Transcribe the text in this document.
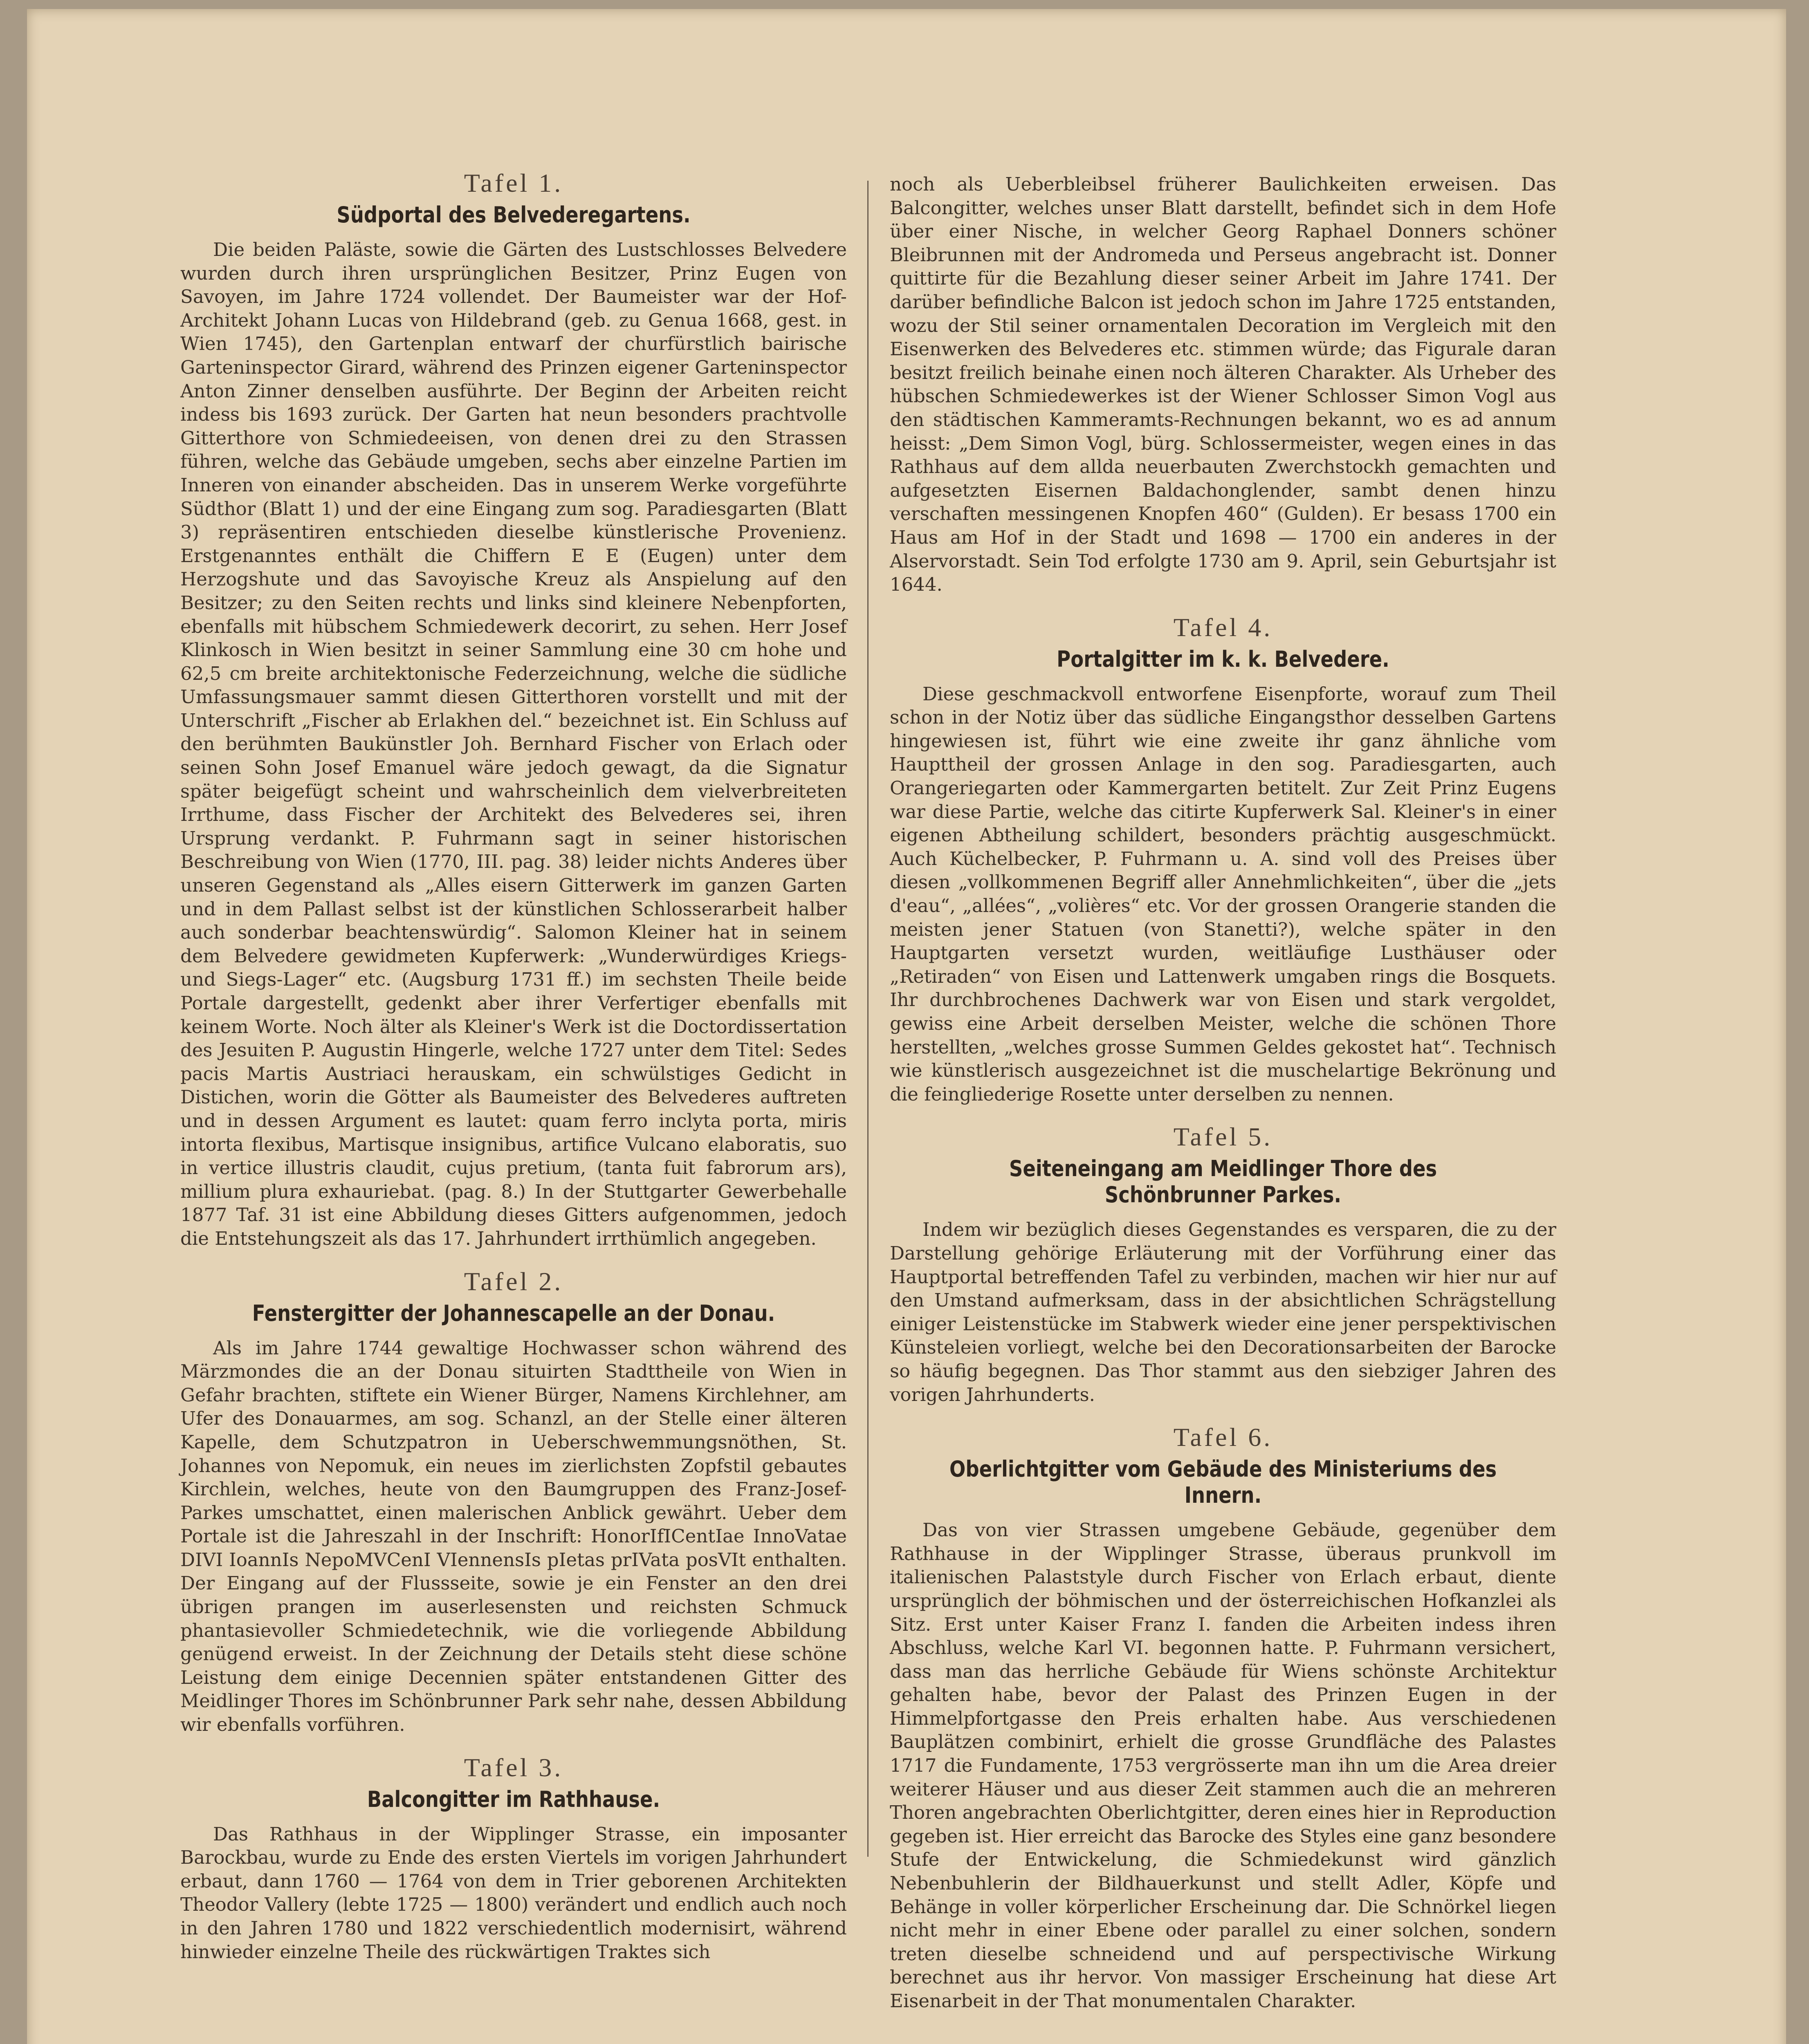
Tafel 1.
Südportal des Belvederegartens.

Die beiden Paläste, sowie die Gärten des Lustschlosses Belvedere wurden durch ihren ursprünglichen Besitzer, Prinz Eugen von Savoyen, im Jahre 1724 vollendet. Der Baumeister war der Hof-Architekt Johann Lucas von Hildebrand (geb. zu Genua 1668, gest. in Wien 1745), den Gartenplan entwarf der churfürstlich bairische Garteninspector Girard, während des Prinzen eigener Garteninspector Anton Zinner denselben ausführte. Der Beginn der Arbeiten reicht indess bis 1693 zurück. Der Garten hat neun besonders prachtvolle Gitterthore von Schmiedeeisen, von denen drei zu den Strassen führen, welche das Gebäude umgeben, sechs aber einzelne Partien im Inneren von einander abscheiden. Das in unserem Werke vorgeführte Südthor (Blatt 1) und der eine Eingang zum sog. Paradiesgarten (Blatt 3) repräsentiren entschieden dieselbe künstlerische Provenienz. Erstgenanntes enthält die Chiffern E E (Eugen) unter dem Herzogshute und das Savoyische Kreuz als Anspielung auf den Besitzer; zu den Seiten rechts und links sind kleinere Nebenpforten, ebenfalls mit hübschem Schmiedewerk decorirt, zu sehen. Herr Josef Klinkosch in Wien besitzt in seiner Sammlung eine 30 cm hohe und 62,5 cm breite architektonische Federzeichnung, welche die südliche Umfassungsmauer sammt diesen Gitterthoren vorstellt und mit der Unterschrift „Fischer ab Erlakhen del.“ bezeichnet ist. Ein Schluss auf den berühmten Baukünstler Joh. Bernhard Fischer von Erlach oder seinen Sohn Josef Emanuel wäre jedoch gewagt, da die Signatur später beigefügt scheint und wahrscheinlich dem vielverbreiteten Irrthume, dass Fischer der Architekt des Belvederes sei, ihren Ursprung verdankt. P. Fuhrmann sagt in seiner historischen Beschreibung von Wien (1770, III. pag. 38) leider nichts Anderes über unseren Gegenstand als „Alles eisern Gitterwerk im ganzen Garten und in dem Pallast selbst ist der künstlichen Schlosserarbeit halber auch sonderbar beachtenswürdig“. Salomon Kleiner hat in seinem dem Belvedere gewidmeten Kupferwerk: „Wunderwürdiges Kriegs- und Siegs-Lager“ etc. (Augsburg 1731 ff.) im sechsten Theile beide Portale dargestellt, gedenkt aber ihrer Verfertiger ebenfalls mit keinem Worte. Noch älter als Kleiner's Werk ist die Doctordissertation des Jesuiten P. Augustin Hingerle, welche 1727 unter dem Titel: Sedes pacis Martis Austriaci herauskam, ein schwülstiges Gedicht in Distichen, worin die Götter als Baumeister des Belvederes auftreten und in dessen Argument es lautet: quam ferro inclyta porta, miris intorta flexibus, Martisque insignibus, artifice Vulcano elaboratis, suo in vertice illustris claudit, cujus pretium, (tanta fuit fabrorum ars), millium plura exhauriebat. (pag. 8.) In der Stuttgarter Gewerbehalle 1877 Taf. 31 ist eine Abbildung dieses Gitters aufgenommen, jedoch die Entstehungszeit als das 17. Jahrhundert irrthümlich angegeben.

Tafel 2.
Fenstergitter der Johannescapelle an der Donau.

Als im Jahre 1744 gewaltige Hochwasser schon während des Märzmondes die an der Donau situirten Stadttheile von Wien in Gefahr brachten, stiftete ein Wiener Bürger, Namens Kirchlehner, am Ufer des Donauarmes, am sog. Schanzl, an der Stelle einer älteren Kapelle, dem Schutzpatron in Ueberschwemmungsnöthen, St. Johannes von Nepomuk, ein neues im zierlichsten Zopfstil gebautes Kirchlein, welches, heute von den Baumgruppen des Franz-Josef-Parkes umschattet, einen malerischen Anblick gewährt. Ueber dem Portale ist die Jahreszahl in der Inschrift: HonorIfICentIae InnoVatae DIVI IoannIs NepoMVCenI VIennensIs pIetas prIVata posVIt enthalten. Der Eingang auf der Flussseite, sowie je ein Fenster an den drei übrigen prangen im auserlesensten und reichsten Schmuck phantasievoller Schmiedetechnik, wie die vorliegende Abbildung genügend erweist. In der Zeichnung der Details steht diese schöne Leistung dem einige Decennien später entstandenen Gitter des Meidlinger Thores im Schönbrunner Park sehr nahe, dessen Abbildung wir ebenfalls vorführen.

Tafel 3.
Balcongitter im Rathhause.

Das Rathhaus in der Wipplinger Strasse, ein imposanter Barockbau, wurde zu Ende des ersten Viertels im vorigen Jahrhundert erbaut, dann 1760 — 1764 von dem in Trier geborenen Architekten Theodor Vallery (lebte 1725 — 1800) verändert und endlich auch noch in den Jahren 1780 und 1822 verschiedentlich modernisirt, während hinwieder einzelne Theile des rückwärtigen Traktes sich

noch als Ueberbleibsel früherer Baulichkeiten erweisen. Das Balcongitter, welches unser Blatt darstellt, befindet sich in dem Hofe über einer Nische, in welcher Georg Raphael Donners schöner Bleibrunnen mit der Andromeda und Perseus angebracht ist. Donner quittirte für die Bezahlung dieser seiner Arbeit im Jahre 1741. Der darüber befindliche Balcon ist jedoch schon im Jahre 1725 entstanden, wozu der Stil seiner ornamentalen Decoration im Vergleich mit den Eisenwerken des Belvederes etc. stimmen würde; das Figurale daran besitzt freilich beinahe einen noch älteren Charakter. Als Urheber des hübschen Schmiedewerkes ist der Wiener Schlosser Simon Vogl aus den städtischen Kammeramts-Rechnungen bekannt, wo es ad annum heisst: „Dem Simon Vogl, bürg. Schlossermeister, wegen eines in das Rathhaus auf dem allda neuerbauten Zwerchstockh gemachten und aufgesetzten Eisernen Baldachonglender, sambt denen hinzu verschaften messingenen Knopfen 460“ (Gulden). Er besass 1700 ein Haus am Hof in der Stadt und 1698 — 1700 ein anderes in der Alservorstadt. Sein Tod erfolgte 1730 am 9. April, sein Geburtsjahr ist 1644.

Tafel 4.
Portalgitter im k. k. Belvedere.

Diese geschmackvoll entworfene Eisenpforte, worauf zum Theil schon in der Notiz über das südliche Eingangsthor desselben Gartens hingewiesen ist, führt wie eine zweite ihr ganz ähnliche vom Haupttheil der grossen Anlage in den sog. Paradiesgarten, auch Orangeriegarten oder Kammergarten betitelt. Zur Zeit Prinz Eugens war diese Partie, welche das citirte Kupferwerk Sal. Kleiner's in einer eigenen Abtheilung schildert, besonders prächtig ausgeschmückt. Auch Küchelbecker, P. Fuhrmann u. A. sind voll des Preises über diesen „vollkommenen Begriff aller Annehmlichkeiten“, über die „jets d'eau“, „allées“, „volières“ etc. Vor der grossen Orangerie standen die meisten jener Statuen (von Stanetti?), welche später in den Hauptgarten versetzt wurden, weitläufige Lusthäuser oder „Retiraden“ von Eisen und Lattenwerk umgaben rings die Bosquets. Ihr durchbrochenes Dachwerk war von Eisen und stark vergoldet, gewiss eine Arbeit derselben Meister, welche die schönen Thore herstellten, „welches grosse Summen Geldes gekostet hat“. Technisch wie künstlerisch ausgezeichnet ist die muschelartige Bekrönung und die feingliederige Rosette unter derselben zu nennen.

Tafel 5.
Seiteneingang am Meidlinger Thore des Schönbrunner Parkes.

Indem wir bezüglich dieses Gegenstandes es versparen, die zu der Darstellung gehörige Erläuterung mit der Vorführung einer das Hauptportal betreffenden Tafel zu verbinden, machen wir hier nur auf den Umstand aufmerksam, dass in der absichtlichen Schrägstellung einiger Leistenstücke im Stabwerk wieder eine jener perspektivischen Künsteleien vorliegt, welche bei den Decorationsarbeiten der Barocke so häufig begegnen. Das Thor stammt aus den siebziger Jahren des vorigen Jahrhunderts.

Tafel 6.
Oberlichtgitter vom Gebäude des Ministeriums des Innern.

Das von vier Strassen umgebene Gebäude, gegenüber dem Rathhause in der Wipplinger Strasse, überaus prunkvoll im italienischen Palaststyle durch Fischer von Erlach erbaut, diente ursprünglich der böhmischen und der österreichischen Hofkanzlei als Sitz. Erst unter Kaiser Franz I. fanden die Arbeiten indess ihren Abschluss, welche Karl VI. begonnen hatte. P. Fuhrmann versichert, dass man das herrliche Gebäude für Wiens schönste Architektur gehalten habe, bevor der Palast des Prinzen Eugen in der Himmelpfortgasse den Preis erhalten habe. Aus verschiedenen Bauplätzen combinirt, erhielt die grosse Grundfläche des Palastes 1717 die Fundamente, 1753 vergrösserte man ihn um die Area dreier weiterer Häuser und aus dieser Zeit stammen auch die an mehreren Thoren angebrachten Oberlichtgitter, deren eines hier in Reproduction gegeben ist. Hier erreicht das Barocke des Styles eine ganz besondere Stufe der Entwickelung, die Schmiedekunst wird gänzlich Nebenbuhlerin der Bildhauerkunst und stellt Adler, Köpfe und Behänge in voller körperlicher Erscheinung dar. Die Schnörkel liegen nicht mehr in einer Ebene oder parallel zu einer solchen, sondern treten dieselbe schneidend und auf perspectivische Wirkung berechnet aus ihr hervor. Von massiger Erscheinung hat diese Art Eisenarbeit in der That monumentalen Charakter.
